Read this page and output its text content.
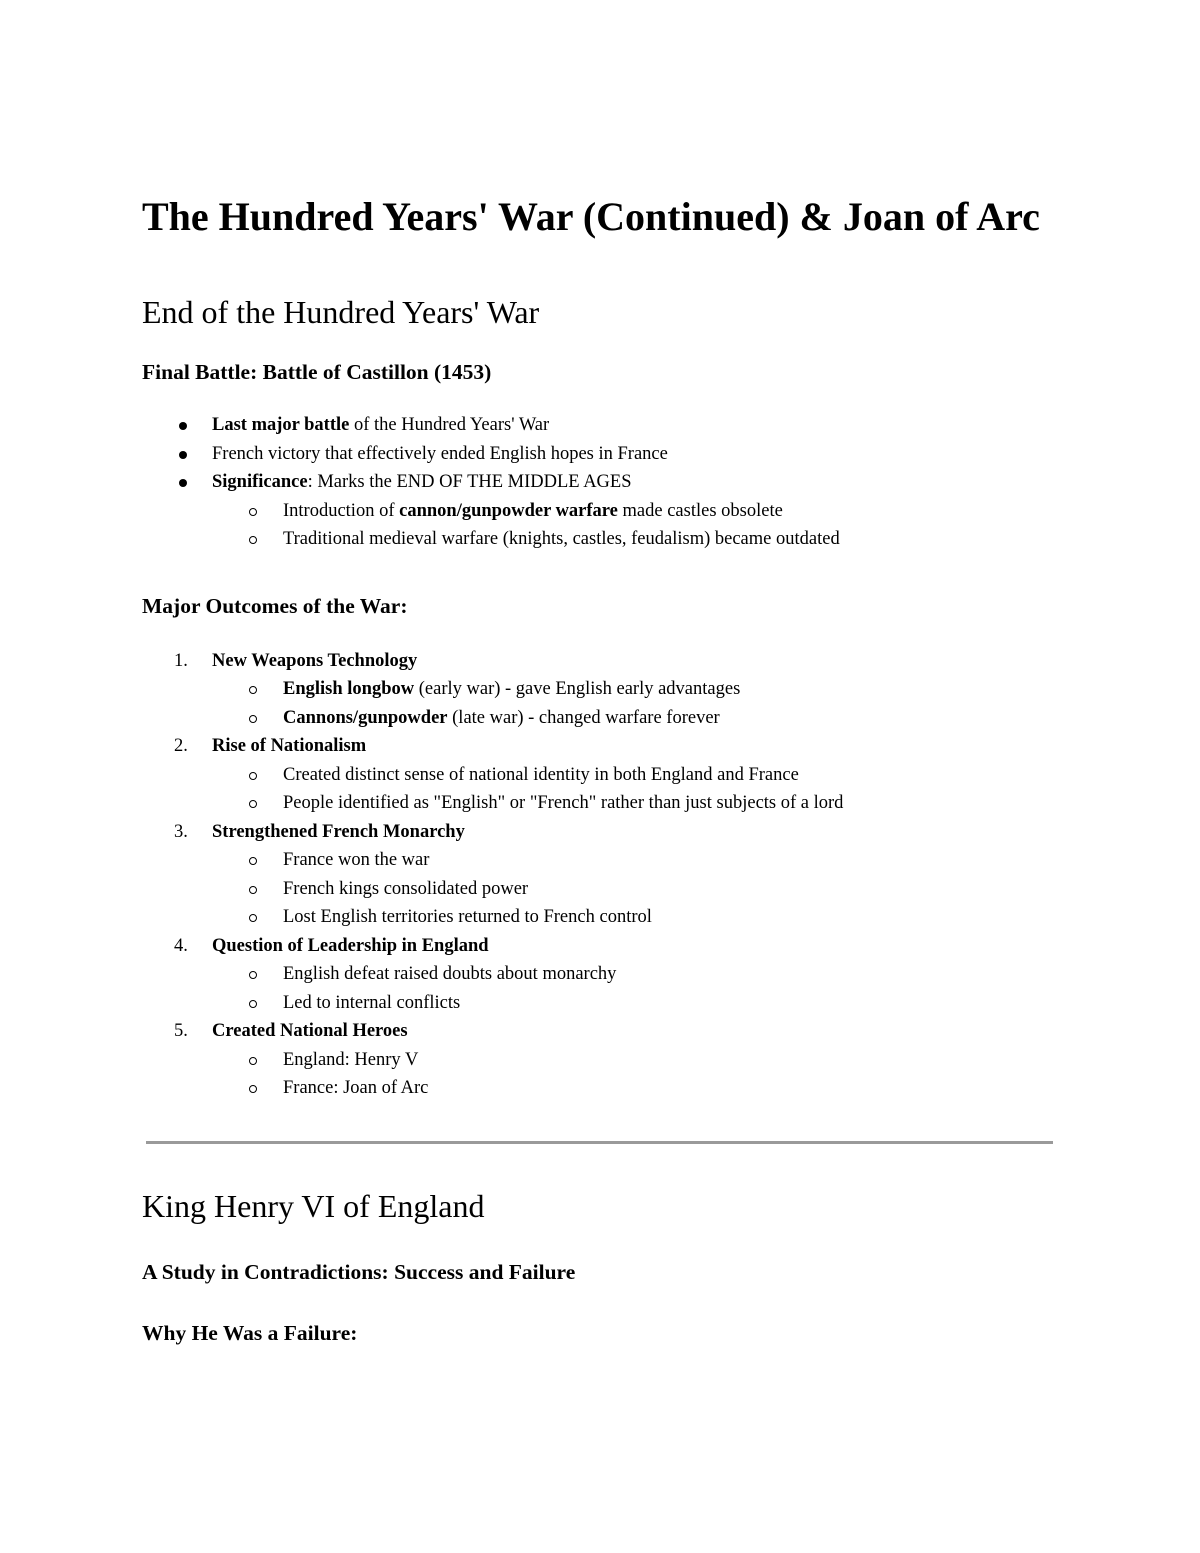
The Hundred Years' War (Continued) & Joan of Arc
End of the Hundred Years' War
Final Battle: Battle of Castillon (1453)
Last major battle of the Hundred Years' War
French victory that effectively ended English hopes in France
Significance: Marks the END OF THE MIDDLE AGES
Introduction of cannon/gunpowder warfare made castles obsolete
Traditional medieval warfare (knights, castles, feudalism) became outdated
Major Outcomes of the War:
1. New Weapons Technology
English longbow (early war) - gave English early advantages
Cannons/gunpowder (late war) - changed warfare forever
2. Rise of Nationalism
Created distinct sense of national identity in both England and France
People identified as "English" or "French" rather than just subjects of a lord
3. Strengthened French Monarchy
France won the war
French kings consolidated power
Lost English territories returned to French control
4. Question of Leadership in England
English defeat raised doubts about monarchy
Led to internal conflicts
5. Created National Heroes
England: Henry V
France: Joan of Arc
King Henry VI of England
A Study in Contradictions: Success and Failure
Why He Was a Failure:
